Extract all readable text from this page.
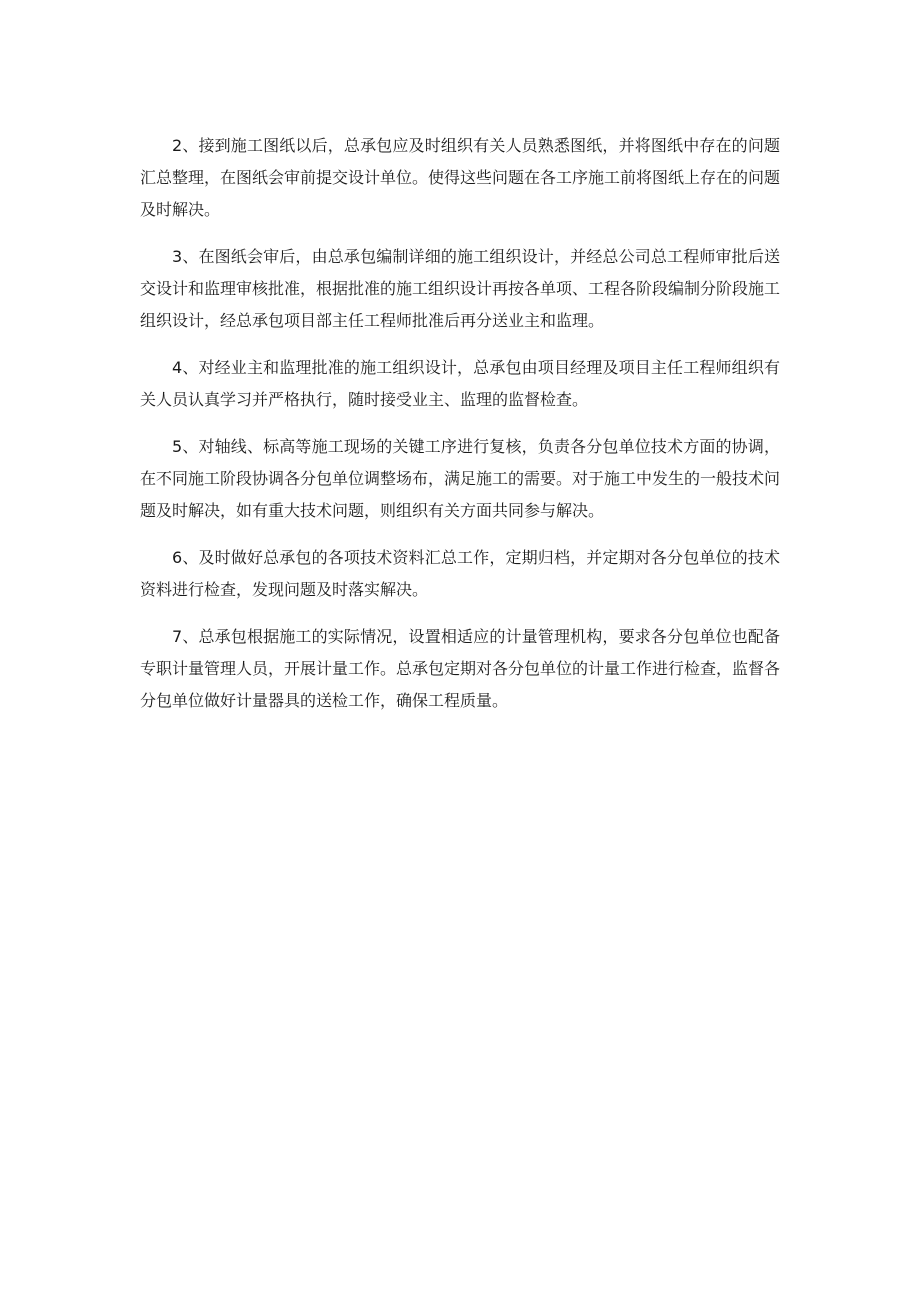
2、接到施工图纸以后，总承包应及时组织有关人员熟悉图纸，并将图纸中存在的问题汇总整理，在图纸会审前提交设计单位。使得这些问题在各工序施工前将图纸上存在的问题及时解决。

3、在图纸会审后，由总承包编制详细的施工组织设计，并经总公司总工程师审批后送交设计和监理审核批准，根据批准的施工组织设计再按各单项、工程各阶段编制分阶段施工组织设计，经总承包项目部主任工程师批准后再分送业主和监理。

4、对经业主和监理批准的施工组织设计，总承包由项目经理及项目主任工程师组织有关人员认真学习并严格执行，随时接受业主、监理的监督检查。

5、对轴线、标高等施工现场的关键工序进行复核，负责各分包单位技术方面的协调，在不同施工阶段协调各分包单位调整场布，满足施工的需要。对于施工中发生的一般技术问题及时解决，如有重大技术问题，则组织有关方面共同参与解决。

6、及时做好总承包的各项技术资料汇总工作，定期归档，并定期对各分包单位的技术资料进行检查，发现问题及时落实解决。

7、总承包根据施工的实际情况，设置相适应的计量管理机构，要求各分包单位也配备专职计量管理人员，开展计量工作。总承包定期对各分包单位的计量工作进行检查，监督各分包单位做好计量器具的送检工作，确保工程质量。
